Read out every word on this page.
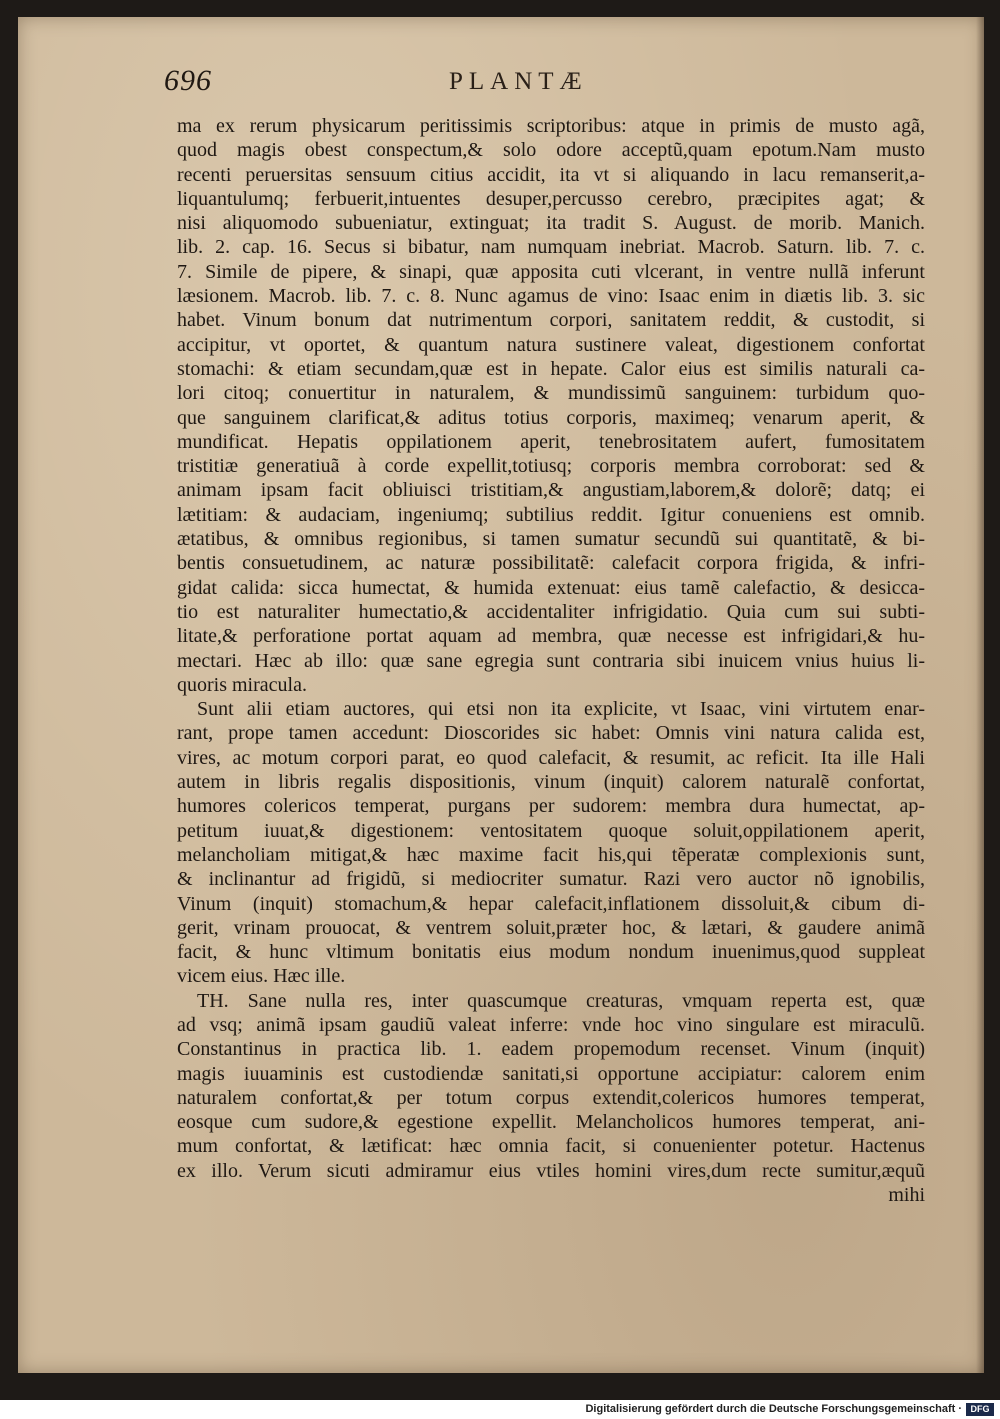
696	PLANTÆ
ma ex rerum physicarum peritissimis scriptoribus: atque in primis de musto agã,
quod magis obest conspectum,& solo odore acceptũ,quam epotum.Nam musto
recenti peruersitas sensuum citius accidit, ita vt si aliquando in lacu remanserit,a-
liquantulumq; ferbuerit,intuentes desuper,percusso cerebro, præcipites agat; &
nisi aliquomodo subueniatur, extinguat; ita tradit S. August. de morib. Manich.
lib. 2. cap. 16. Secus si bibatur, nam numquam inebriat. Macrob. Saturn. lib. 7. c.
7. Simile de pipere, & sinapi, quæ apposita cuti vlcerant, in ventre nullã inferunt
læsionem. Macrob. lib. 7. c. 8. Nunc agamus de vino: Isaac enim in diætis lib. 3. sic
habet. Vinum bonum dat nutrimentum corpori, sanitatem reddit, & custodit, si
accipitur, vt oportet, & quantum natura sustinere valeat, digestionem confortat
stomachi: & etiam secundam,quæ est in hepate. Calor eius est similis naturali ca-
lori citoq; conuertitur in naturalem, & mundissimũ sanguinem: turbidum quo-
que sanguinem clarificat,& aditus totius corporis, maximeq; venarum aperit, &
mundificat. Hepatis oppilationem aperit, tenebrositatem aufert, fumositatem
tristitiæ generatiuã à corde expellit,totiusq; corporis membra corroborat: sed &
animam ipsam facit obliuisci tristitiam,& angustiam,laborem,& dolorẽ; datq; ei
lætitiam: & audaciam, ingeniumq; subtilius reddit. Igitur conueniens est omnib.
ætatibus, & omnibus regionibus, si tamen sumatur secundũ sui quantitatẽ, & bi-
bentis consuetudinem, ac naturæ possibilitatẽ: calefacit corpora frigida, & infri-
gidat calida: sicca humectat, & humida extenuat: eius tamẽ calefactio, & desicca-
tio est naturaliter humectatio,& accidentaliter infrigidatio. Quia cum sui subti-
litate,& perforatione portat aquam ad membra, quæ necesse est infrigidari,& hu-
mectari. Hæc ab illo: quæ sane egregia sunt contraria sibi inuicem vnius huius li-
quoris miracula.
Sunt alii etiam auctores, qui etsi non ita explicite, vt Isaac, vini virtutem enar-
rant, prope tamen accedunt: Dioscorides sic habet: Omnis vini natura calida est,
vires, ac motum corpori parat, eo quod calefacit, & resumit, ac reficit. Ita ille Hali
autem in libris regalis dispositionis, vinum (inquit) calorem naturalẽ confortat,
humores colericos temperat, purgans per sudorem: membra dura humectat, ap-
petitum iuuat,& digestionem: ventositatem quoque soluit,oppilationem aperit,
melancholiam mitigat,& hæc maxime facit his,qui tẽperatæ complexionis sunt,
& inclinantur ad frigidũ, si mediocriter sumatur. Razi vero auctor nõ ignobilis,
Vinum (inquit) stomachum,& hepar calefacit,inflationem dissoluit,& cibum di-
gerit, vrinam prouocat, & ventrem soluit,præter hoc, & lætari, & gaudere animã
facit, & hunc vltimum bonitatis eius modum nondum inuenimus,quod suppleat
vicem eius. Hæc ille.
TH. Sane nulla res, inter quascumque creaturas, vmquam reperta est, quæ
ad vsq; animã ipsam gaudiũ valeat inferre: vnde hoc vino singulare est miraculũ.
Constantinus in practica lib. 1. eadem propemodum recenset. Vinum (inquit)
magis iuuaminis est custodiendæ sanitati,si opportune accipiatur: calorem enim
naturalem confortat,& per totum corpus extendit,colericos humores temperat,
eosque cum sudore,& egestione expellit. Melancholicos humores temperat, ani-
mum confortat, & lætificat: hæc omnia facit, si conuenienter potetur. Hactenus
ex illo. Verum sicuti admiramur eius vtiles homini vires,dum recte sumitur,æquũ
mihi
Digitalisierung gefördert durch die Deutsche Forschungsgemeinschaft · DFG
